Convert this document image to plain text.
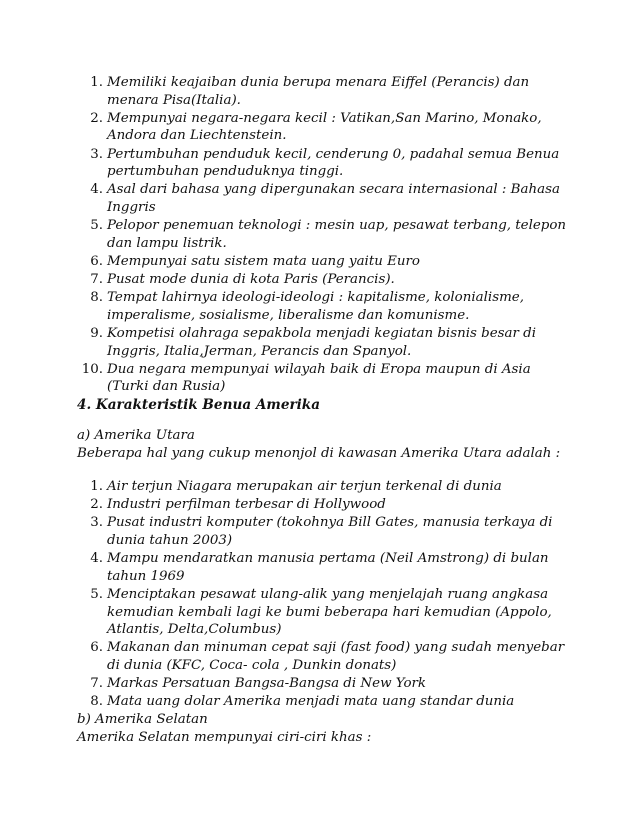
1. Memiliki keajaiban dunia berupa menara Eiffel (Perancis) dan menara Pisa(Italia).
2. Mempunyai negara-negara kecil : Vatikan,San Marino, Monako, Andora dan Liechtenstein.
3. Pertumbuhan penduduk kecil, cenderung 0, padahal semua Benua pertumbuhan penduduknya tinggi.
4. Asal dari bahasa yang dipergunakan secara internasional : Bahasa Inggris
5. Pelopor penemuan teknologi : mesin uap, pesawat terbang, telepon dan lampu listrik.
6. Mempunyai satu sistem mata uang yaitu Euro
7. Pusat mode dunia di kota Paris (Perancis).
8. Tempat lahirnya ideologi-ideologi : kapitalisme, kolonialisme, imperalisme, sosialisme, liberalisme dan komunisme.
9. Kompetisi olahraga sepakbola menjadi kegiatan bisnis besar di Inggris, Italia,Jerman, Perancis dan Spanyol.
10. Dua negara mempunyai wilayah baik di Eropa maupun di Asia (Turki dan Rusia)
4. Karakteristik Benua Amerika
a) Amerika Utara
Beberapa hal yang cukup menonjol di kawasan Amerika Utara adalah :
1. Air terjun Niagara merupakan air terjun terkenal di dunia
2. Industri perfilman terbesar di Hollywood
3. Pusat industri komputer (tokohnya Bill Gates, manusia terkaya di dunia tahun 2003)
4. Mampu mendaratkan manusia pertama (Neil Amstrong) di bulan tahun 1969
5. Menciptakan pesawat ulang-alik yang menjelajah ruang angkasa kemudian kembali lagi ke bumi beberapa hari kemudian (Appolo, Atlantis, Delta,Columbus)
6. Makanan dan minuman cepat saji (fast food) yang sudah menyebar di dunia (KFC, Coca- cola , Dunkin donats)
7. Markas Persatuan Bangsa-Bangsa di New York
8. Mata uang dolar Amerika menjadi mata uang standar dunia
b) Amerika Selatan
Amerika Selatan mempunyai ciri-ciri khas :
